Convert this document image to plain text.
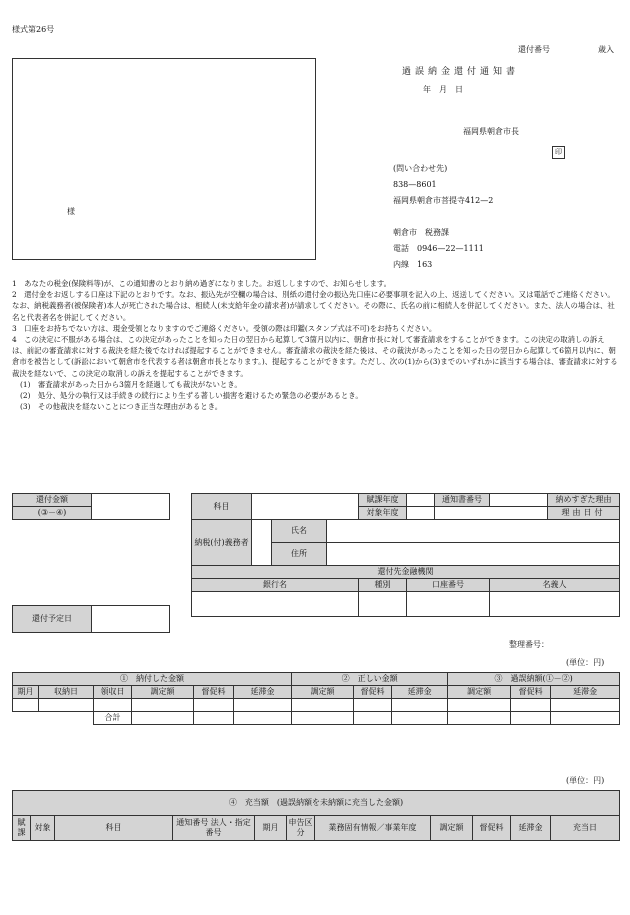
様式第26号
還付番号	歳入
過誤納金還付通知書
年　月　日
福岡県朝倉市長
印
様
(問い合わせ先)
838—8601
福岡県朝倉市菩提寺412—2
朝倉市　税務課
電話　0946—22—1111
内線　163
1　あなたの税金(保険料等)が、この通知書のとおり納め過ぎになりました。お返ししますので、お知らせします。
2　還付金をお返しする口座は下記のとおりです。なお、振込先が空欄の場合は、別紙の還付金の振込先口座に必要事項を記入の上、返送してください。又は電話でご連絡ください。なお、納税義務者(被保険者)本人が死亡された場合は、相続人(未支給年金の請求者)が請求してください。その際に、氏名の前に相続人を併記してください。また、法人の場合は、社名と代表者名を併記してください。
3　口座をお持ちでない方は、現金受領となりますのでご連絡ください。受領の際は印鑑(スタンプ式は不可)をお持ちください。
4　この決定に不服がある場合は、この決定があったことを知った日の翌日から起算して3箇月以内に、朝倉市長に対して審査請求をすることができます。この決定の取消しの訴えは、前記の審査請求に対する裁決を経た後でなければ提起することができません。審査請求の裁決を経た後は、その裁決があったことを知った日の翌日から起算して6箇月以内に、朝倉市を被告として(訴訟において朝倉市を代表する者は朝倉市長となります。)、提起することができます。ただし、次の(1)から(3)までのいずれかに該当する場合は、審査請求に対する裁決を経ないで、この決定の取消しの訴えを提起することができます。
(1)　審査請求があった日から3箇月を経過しても裁決がないとき。
(2)　処分、処分の執行又は手続きの続行により生ずる著しい損害を避けるため緊急の必要があるとき。
(3)　その他裁決を経ないことにつき正当な理由があるとき。
還付金額	
(③－④)
還付予定日	
科目				賦課年度		通知書番号		納めすぎた理由
				対象年度				理由日付
納税(付)義務者		氏名						
		住所						
還付先金融機関								
銀行名				種別	口座番号		名義人	

整理番号：
(単位：円)
①　納付した金額						②　正しい金額			③　過誤納額(①－②)		
期月	収納日	領収日	調定額	督促料	延滞金	調定額	督促料	延滞金	調定額	督促料	延滞金

		合計									
(単位：円)
④　充当額　(過誤納額を未納額に充当した金額)
賦課	対象	科目	通知番号 法人・指定番号	期月	申告区分	業務固有情報／事業年度	調定額	督促料	延滞金	充当日
